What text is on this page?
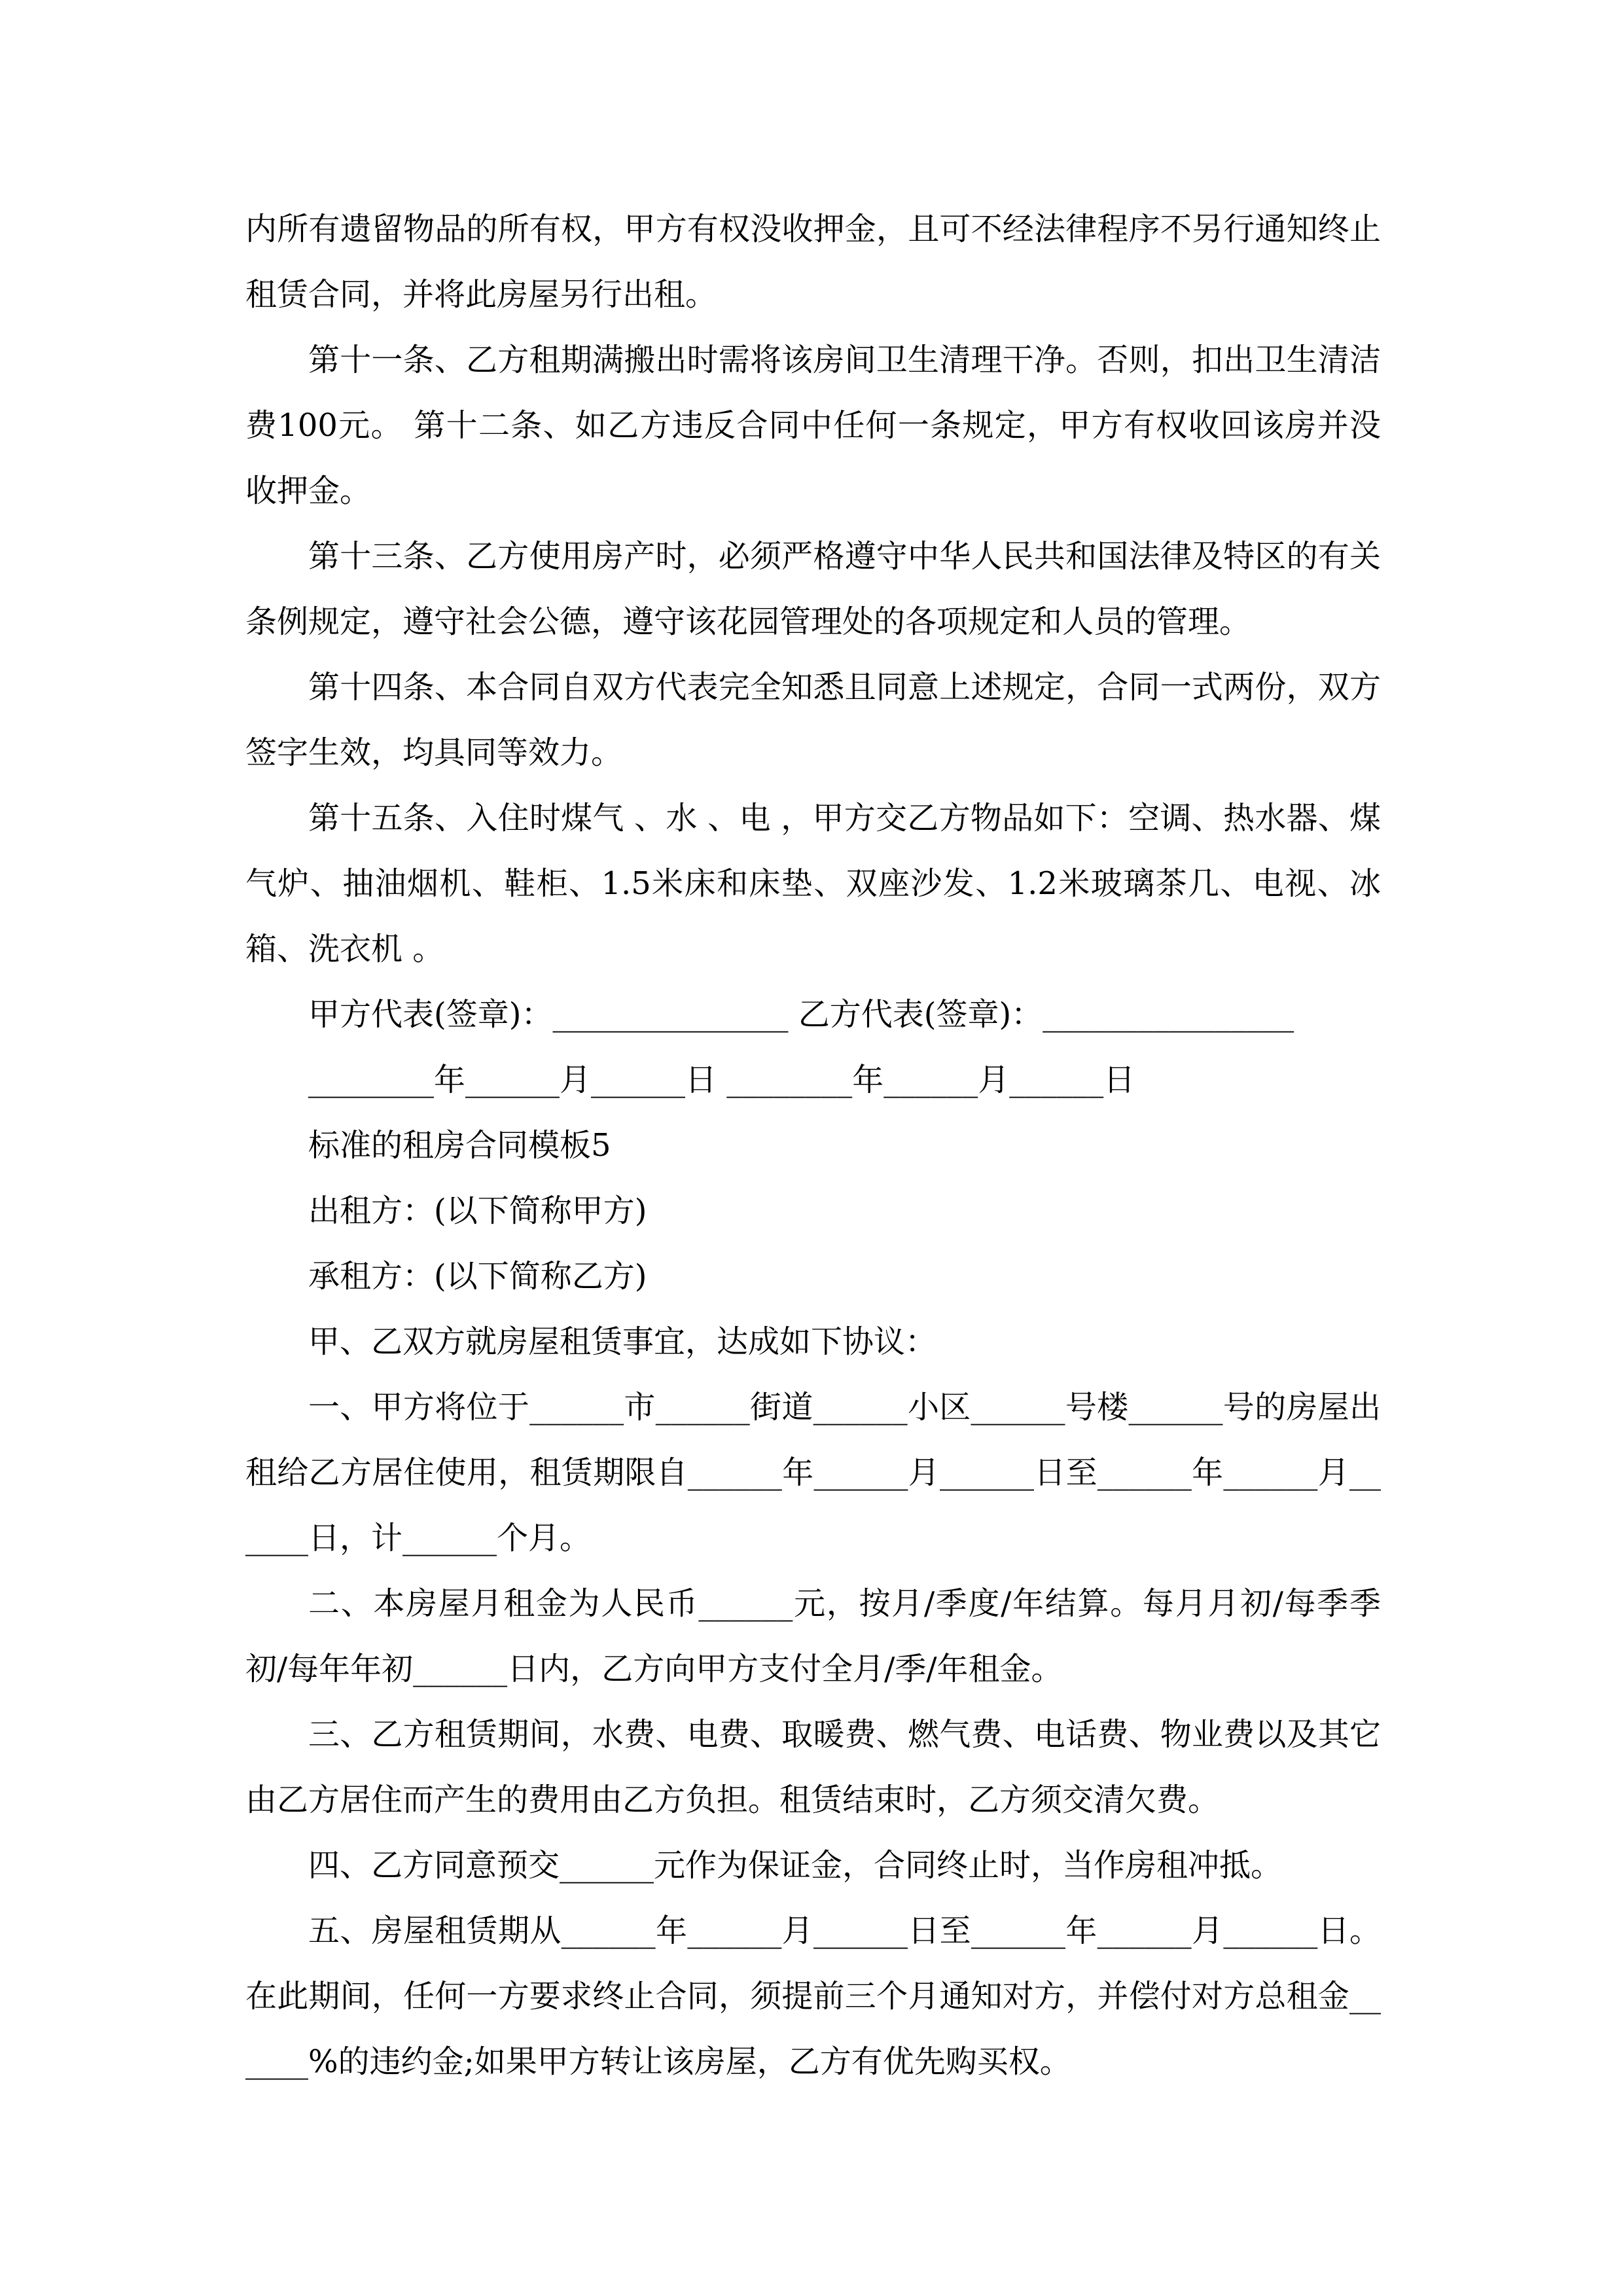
内所有遗留物品的所有权，甲方有权没收押金，且可不经法律程序不另行通知终止租赁合同，并将此房屋另行出租。

第十一条、乙方租期满搬出时需将该房间卫生清理干净。否则，扣出卫生清洁费100元。 第十二条、如乙方违反合同中任何一条规定，甲方有权收回该房并没收押金。

第十三条、乙方使用房产时，必须严格遵守中华人民共和国法律及特区的有关条例规定，遵守社会公德，遵守该花园管理处的各项规定和人员的管理。

第十四条、本合同自双方代表完全知悉且同意上述规定，合同一式两份，双方签字生效，均具同等效力。

第十五条、入住时煤气 、水 、电 ，甲方交乙方物品如下：空调、热水器、煤气炉、抽油烟机、鞋柜、1.5米床和床垫、双座沙发、1.2米玻璃茶几、电视、冰箱、洗衣机 。

甲方代表(签章)：_______________ 乙方代表(签章)：________________

________年______月______日 ________年______月______日

标准的租房合同模板5

出租方：(以下简称甲方)

承租方：(以下简称乙方)

甲、乙双方就房屋租赁事宜，达成如下协议：

一、甲方将位于______市______街道______小区______号楼______号的房屋出租给乙方居住使用，租赁期限自______年______月______日至______年______月______日，计______个月。

二、本房屋月租金为人民币______元，按月/季度/年结算。每月月初/每季季初/每年年初______日内，乙方向甲方支付全月/季/年租金。

三、乙方租赁期间，水费、电费、取暖费、燃气费、电话费、物业费以及其它由乙方居住而产生的费用由乙方负担。租赁结束时，乙方须交清欠费。

四、乙方同意预交______元作为保证金，合同终止时，当作房租冲抵。

五、房屋租赁期从______年______月______日至______年______月______日。在此期间，任何一方要求终止合同，须提前三个月通知对方，并偿付对方总租金______%的违约金;如果甲方转让该房屋，乙方有优先购买权。
